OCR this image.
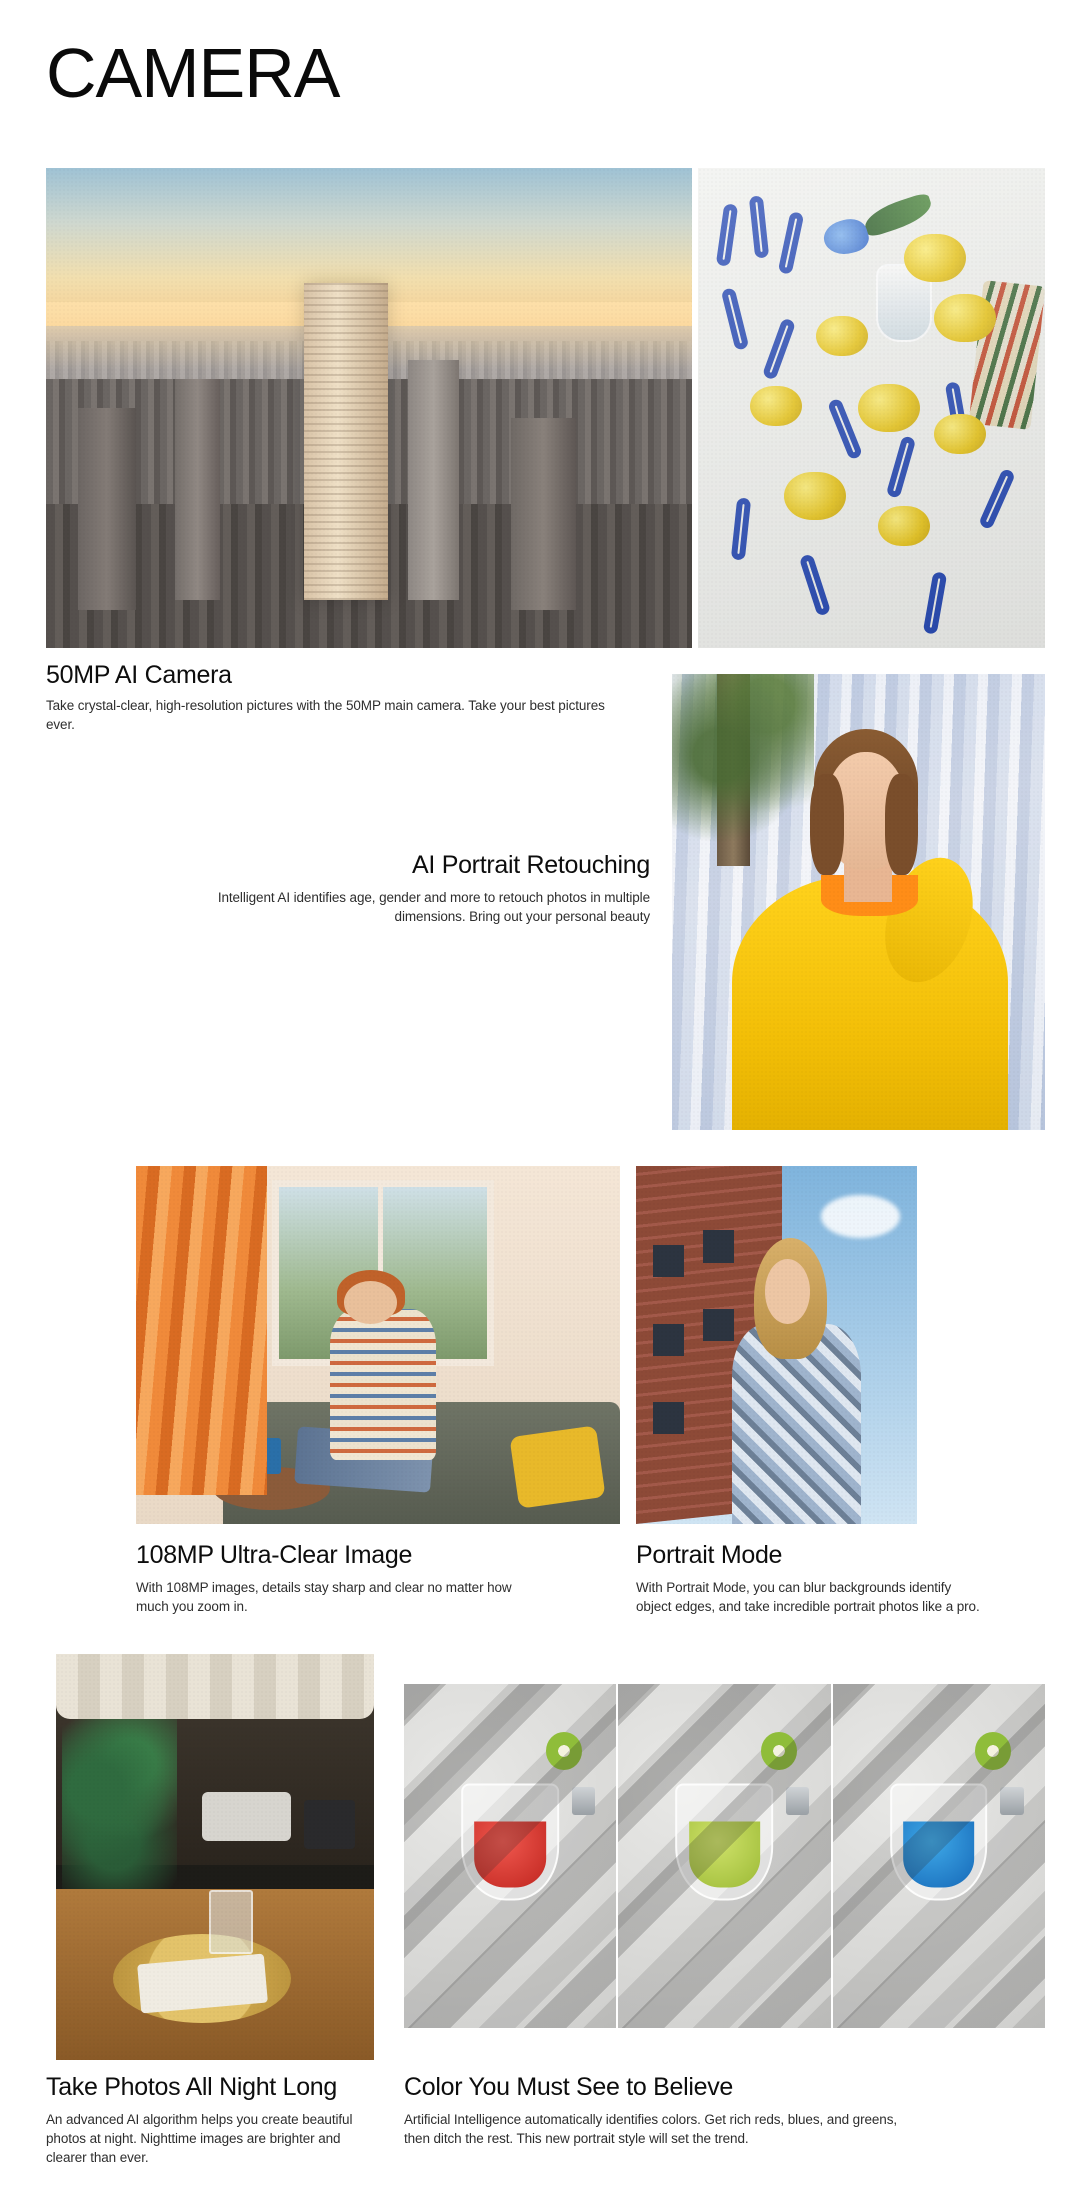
CAMERA
50MP AI Camera
Take crystal-clear, high-resolution pictures with the 50MP main camera. Take your best pictures ever.
AI Portrait Retouching
Intelligent AI identifies age, gender and more to retouch photos in multiple dimensions. Bring out your personal beauty
108MP Ultra-Clear Image
With 108MP images, details stay sharp and clear no matter how much you zoom in.
Portrait Mode
With Portrait Mode, you can blur backgrounds identify object edges, and take incredible portrait photos like a pro.
Take Photos All Night Long
An advanced AI algorithm helps you create beautiful photos at night. Nighttime images are brighter and clearer than ever.
Color You Must See to Believe
Artificial Intelligence automatically identifies colors. Get rich reds, blues, and greens, then ditch the rest. This new portrait style will set the trend.
